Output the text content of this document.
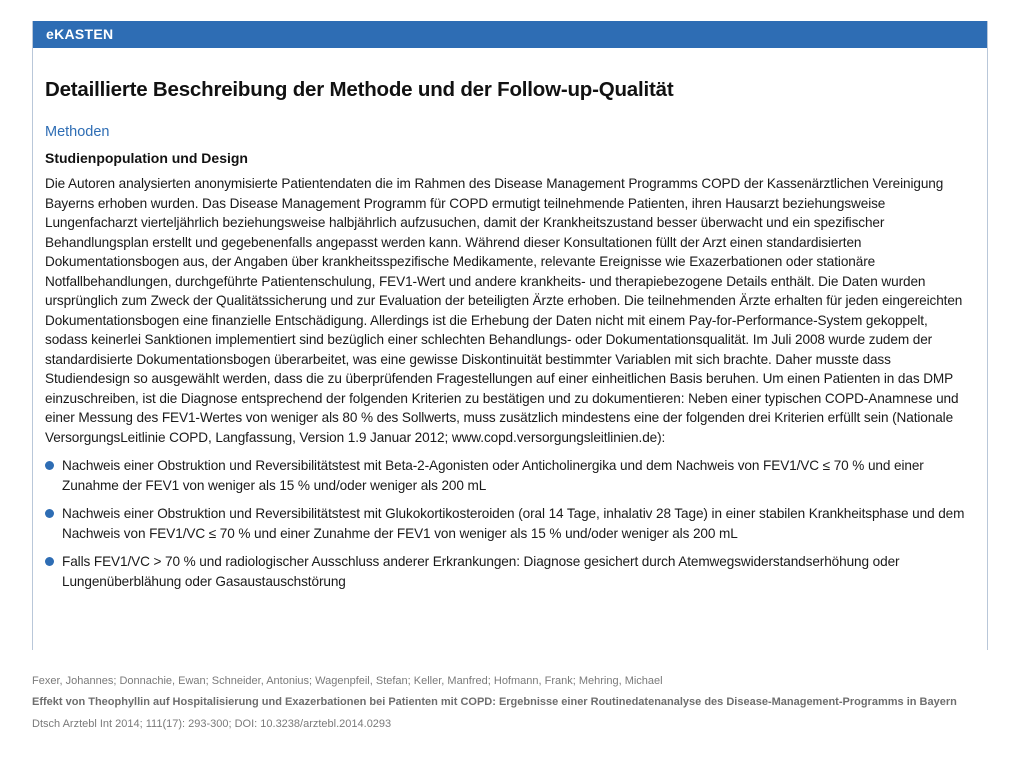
eKASTEN
Detaillierte Beschreibung der Methode und der Follow-up-Qualität
Methoden
Studienpopulation und Design

Die Autoren analysierten anonymisierte Patientendaten die im Rahmen des Disease Management Programms COPD der Kassenärztlichen Vereinigung Bayerns erhoben wurden. Das Disease Management Programm für COPD ermutigt teilnehmende Patienten, ihren Hausarzt beziehungsweise Lungenfacharzt vierteljährlich beziehungsweise halbjährlich aufzusuchen, damit der Krankheitszustand besser überwacht und ein spezifischer Behandlungsplan erstellt und gegebenenfalls angepasst werden kann. Während dieser Konsultationen füllt der Arzt einen standardisierten Dokumentationsbogen aus, der Angaben über krankheitsspezifische Medikamente, relevante Ereignisse wie Exazerbationen oder stationäre Notfallbehandlungen, durchgeführte Patientenschulung, FEV1-Wert und andere krankheits- und therapiebezogene Details enthält. Die Daten wurden ursprünglich zum Zweck der Qualitätssicherung und zur Evaluation der beteiligten Ärzte erhoben. Die teilnehmenden Ärzte erhalten für jeden eingereichten Dokumentationsbogen eine finanzielle Entschädigung. Allerdings ist die Erhebung der Daten nicht mit einem Pay-for-Performance-System gekoppelt, sodass keinerlei Sanktionen implementiert sind bezüglich einer schlechten Behandlungs- oder Dokumentationsqualität. Im Juli 2008 wurde zudem der standardisierte Dokumentationsbogen überarbeitet, was eine gewisse Diskontinuität bestimmter Variablen mit sich brachte. Daher musste dass Studiendesign so ausgewählt werden, dass die zu überprüfenden Fragestellungen auf einer einheitlichen Basis beruhen. Um einen Patienten in das DMP einzuschreiben, ist die Diagnose entsprechend der folgenden Kriterien zu bestätigen und zu dokumentieren: Neben einer typischen COPD-Anamnese und einer Messung des FEV1-Wertes von weniger als 80 % des Sollwerts, muss zusätzlich mindestens eine der folgenden drei Kriterien erfüllt sein (Nationale VersorgungsLeitlinie COPD, Langfassung, Version 1.9 Januar 2012; www.copd.versorgungsleitlinien.de):

Nachweis einer Obstruktion und Reversibilitätstest mit Beta-2-Agonisten oder Anticholinergika und dem Nachweis von FEV1/VC ≤ 70 % und einer Zunahme der FEV1 von weniger als 15 % und/oder weniger als 200 mL
Nachweis einer Obstruktion und Reversibilitätstest mit Glukokortikosteroiden (oral 14 Tage, inhalativ 28 Tage) in einer stabilen Krankheitsphase und dem Nachweis von FEV1/VC ≤ 70 % und einer Zunahme der FEV1 von weniger als 15 % und/oder weniger als 200 mL
Falls FEV1/VC > 70 % und radiologischer Ausschluss anderer Erkrankungen: Diagnose gesichert durch Atemwegswiderstandserhöhung oder Lungenüberblähung oder Gasaustauschstörung

Fexer, Johannes; Donnachie, Ewan; Schneider, Antonius; Wagenpfeil, Stefan; Keller, Manfred; Hofmann, Frank; Mehring, Michael

Effekt von Theophyllin auf Hospitalisierung und Exazerbationen bei Patienten mit COPD: Ergebnisse einer Routinedatenanalyse des Disease-Management-Programms in Bayern

Dtsch Arztebl Int 2014; 111(17): 293-300; DOI: 10.3238/arztebl.2014.0293
